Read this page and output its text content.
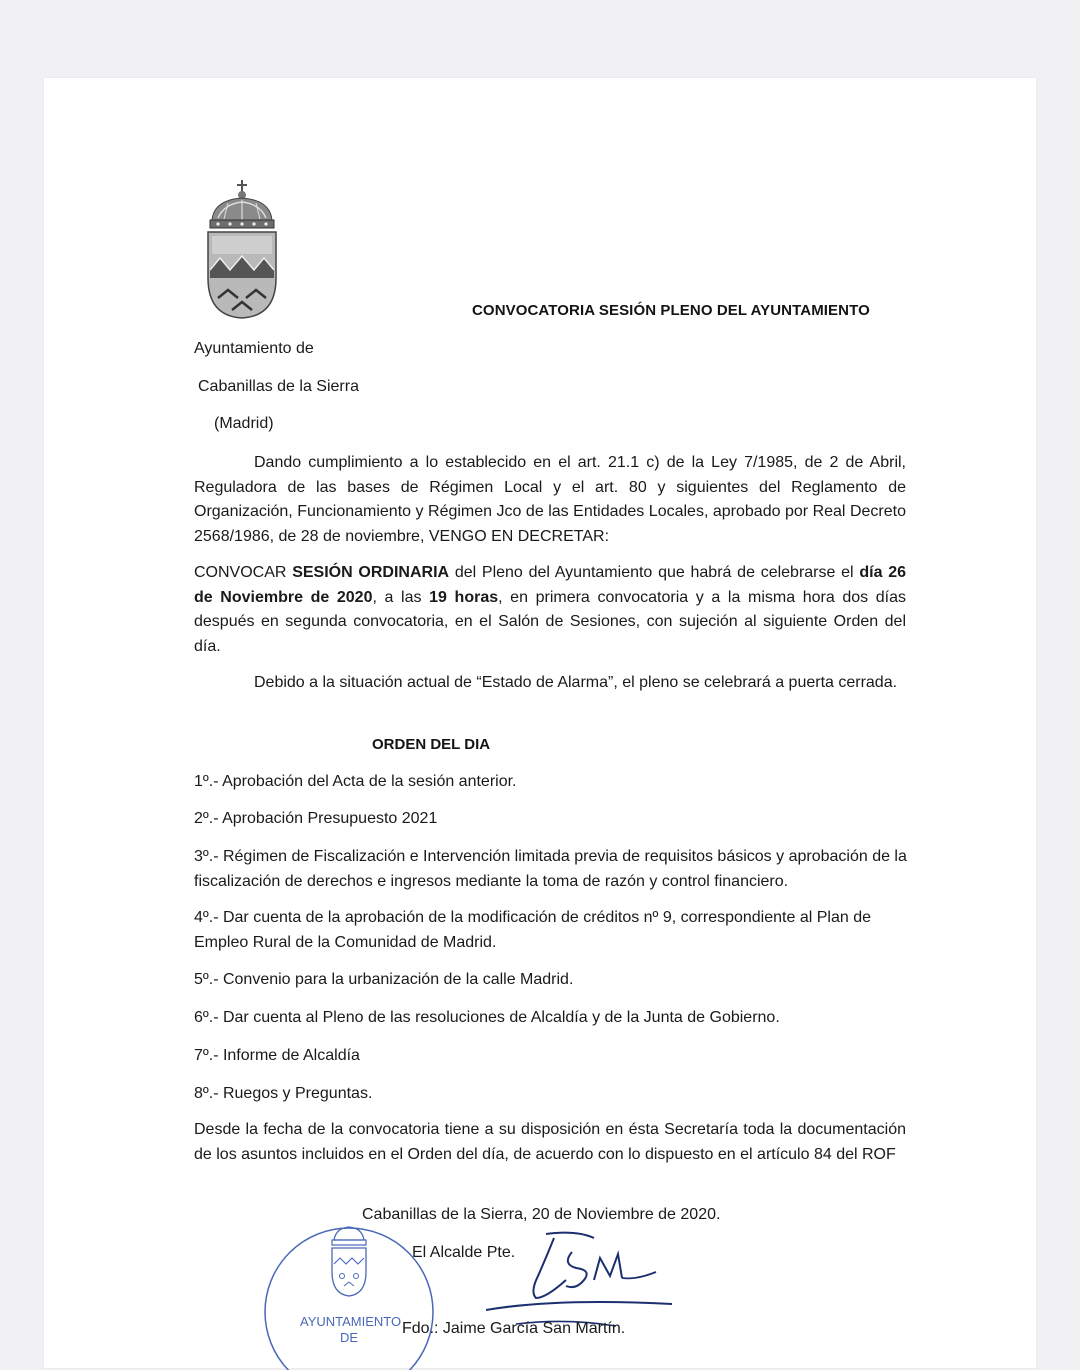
CONVOCATORIA SESIÓN PLENO DEL AYUNTAMIENTO
Ayuntamiento de
Cabanillas de la Sierra
(Madrid)
Dando cumplimiento a lo establecido en el art. 21.1 c) de la Ley 7/1985, de 2 de Abril, Reguladora de las bases de Régimen Local y el art. 80 y siguientes del Reglamento de Organización, Funcionamiento y Régimen Jco de las Entidades Locales, aprobado por Real Decreto 2568/1986, de 28 de noviembre, VENGO EN DECRETAR:
CONVOCAR SESIÓN ORDINARIA del Pleno del Ayuntamiento que habrá de celebrarse el día 26 de Noviembre de 2020, a las 19 horas, en primera convocatoria y a la misma hora dos días después en segunda convocatoria, en el Salón de Sesiones, con sujeción al siguiente Orden del día.
Debido a la situación actual de “Estado de Alarma”, el pleno se celebrará a puerta cerrada.
ORDEN DEL DIA
1º.- Aprobación del Acta de la sesión anterior.
2º.- Aprobación Presupuesto 2021
3º.- Régimen de Fiscalización e Intervención limitada previa de requisitos básicos y aprobación de la fiscalización de derechos e ingresos mediante la toma de razón y control financiero.
4º.- Dar cuenta de la aprobación de la modificación de créditos nº 9, correspondiente al Plan de Empleo Rural de la Comunidad de Madrid.
5º.- Convenio para la urbanización de la calle Madrid.
6º.- Dar cuenta al Pleno de las resoluciones de Alcaldía y de la Junta de Gobierno.
7º.- Informe de Alcaldía
8º.- Ruegos y Preguntas.
Desde la fecha de la convocatoria tiene a su disposición en ésta Secretaría toda la documentación de los asuntos incluidos en el Orden del día, de acuerdo con lo dispuesto en el artículo 84 del ROF
Cabanillas de la Sierra, 20 de Noviembre de 2020.
El Alcalde Pte.
AYUNTAMIENTO
DE
Fdo.: Jaime García San Martín.
